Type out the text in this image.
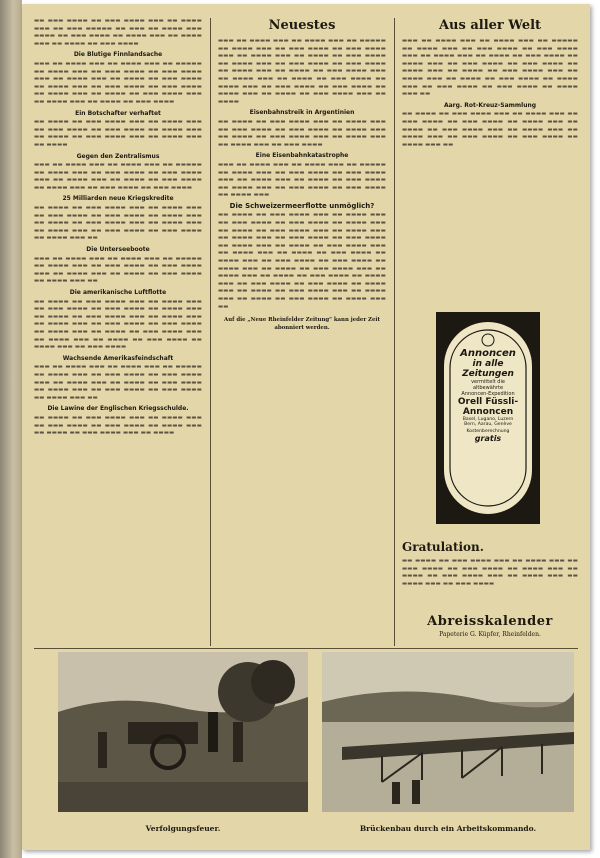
▬▬ ▬▬▬ ▬▬▬▬ ▬▬ ▬▬▬ ▬▬▬▬ ▬▬▬ ▬▬ ▬▬▬▬ ▬▬▬ ▬▬ ▬▬▬ ▬▬▬▬▬ ▬▬ ▬▬▬ ▬▬ ▬▬▬▬ ▬▬▬ ▬▬▬▬ ▬▬ ▬▬▬ ▬▬▬▬ ▬▬ ▬▬▬▬ ▬▬▬ ▬▬ ▬▬▬▬ ▬▬▬ ▬▬ ▬▬▬▬ ▬▬ ▬▬▬ ▬▬▬▬
Die Blutige Finnlandsache
▬▬▬ ▬▬ ▬▬▬▬ ▬▬▬ ▬▬ ▬▬▬▬ ▬▬▬ ▬▬ ▬▬▬▬▬ ▬▬ ▬▬▬▬ ▬▬▬ ▬▬ ▬▬▬ ▬▬▬▬ ▬▬ ▬▬▬ ▬▬▬▬ ▬▬▬ ▬▬ ▬▬▬▬ ▬▬▬ ▬▬ ▬▬▬▬ ▬▬ ▬▬▬ ▬▬▬▬ ▬▬ ▬▬▬▬ ▬▬▬ ▬▬ ▬▬▬ ▬▬▬▬ ▬▬ ▬▬▬ ▬▬▬▬ ▬▬ ▬▬▬▬ ▬▬▬ ▬▬ ▬▬▬▬ ▬▬ ▬▬▬ ▬▬▬▬ ▬▬▬ ▬▬ ▬▬▬▬ ▬▬▬ ▬▬ ▬▬▬▬ ▬▬ ▬▬▬ ▬▬▬▬
Ein Botschafter verhaftet
▬▬ ▬▬▬▬ ▬▬ ▬▬▬ ▬▬▬▬ ▬▬▬ ▬▬ ▬▬▬▬ ▬▬▬ ▬▬ ▬▬▬ ▬▬▬▬ ▬▬ ▬▬▬ ▬▬▬▬ ▬▬ ▬▬▬▬ ▬▬▬ ▬▬ ▬▬▬▬ ▬▬ ▬▬▬ ▬▬▬▬ ▬▬▬ ▬▬ ▬▬▬▬ ▬▬▬ ▬▬ ▬▬▬▬
Gegen den Zentralismus
▬▬▬ ▬▬ ▬▬▬▬ ▬▬▬ ▬▬ ▬▬▬▬ ▬▬▬ ▬▬ ▬▬▬▬▬ ▬▬ ▬▬▬▬ ▬▬▬ ▬▬ ▬▬▬ ▬▬▬▬ ▬▬ ▬▬▬ ▬▬▬▬ ▬▬▬ ▬▬ ▬▬▬▬ ▬▬▬ ▬▬ ▬▬▬▬ ▬▬ ▬▬▬ ▬▬▬▬ ▬▬ ▬▬▬▬ ▬▬▬ ▬▬ ▬▬▬ ▬▬▬▬ ▬▬ ▬▬▬ ▬▬▬▬
25 Milliarden neue Kriegskredite
▬▬ ▬▬▬▬ ▬▬ ▬▬▬ ▬▬▬▬ ▬▬▬ ▬▬ ▬▬▬▬ ▬▬▬ ▬▬ ▬▬▬ ▬▬▬▬ ▬▬ ▬▬▬ ▬▬▬▬ ▬▬ ▬▬▬▬ ▬▬▬ ▬▬ ▬▬▬▬ ▬▬ ▬▬▬ ▬▬▬▬ ▬▬▬ ▬▬ ▬▬▬▬ ▬▬▬ ▬▬ ▬▬▬▬ ▬▬▬ ▬▬ ▬▬▬ ▬▬▬▬ ▬▬ ▬▬▬ ▬▬▬▬ ▬▬ ▬▬▬▬ ▬▬▬ ▬▬
Die Unterseeboote
▬▬▬ ▬▬ ▬▬▬▬ ▬▬▬ ▬▬ ▬▬▬▬ ▬▬▬ ▬▬ ▬▬▬▬▬ ▬▬ ▬▬▬▬ ▬▬▬ ▬▬ ▬▬▬ ▬▬▬▬ ▬▬ ▬▬▬ ▬▬▬▬ ▬▬▬ ▬▬ ▬▬▬▬ ▬▬▬ ▬▬ ▬▬▬▬ ▬▬ ▬▬▬ ▬▬▬▬ ▬▬ ▬▬▬▬ ▬▬▬ ▬▬
Die amerikanische Luftflotte
▬▬ ▬▬▬▬ ▬▬ ▬▬▬ ▬▬▬▬ ▬▬▬ ▬▬ ▬▬▬▬ ▬▬▬ ▬▬ ▬▬▬ ▬▬▬▬ ▬▬ ▬▬▬ ▬▬▬▬ ▬▬ ▬▬▬▬ ▬▬▬ ▬▬ ▬▬▬▬ ▬▬ ▬▬▬ ▬▬▬▬ ▬▬▬ ▬▬ ▬▬▬▬ ▬▬▬ ▬▬ ▬▬▬▬ ▬▬▬ ▬▬ ▬▬▬ ▬▬▬▬ ▬▬ ▬▬▬ ▬▬▬▬ ▬▬ ▬▬▬▬ ▬▬▬ ▬▬ ▬▬▬▬ ▬▬ ▬▬▬ ▬▬▬▬ ▬▬▬ ▬▬ ▬▬▬▬ ▬▬▬ ▬▬ ▬▬▬▬ ▬▬ ▬▬▬ ▬▬▬▬ ▬▬ ▬▬▬▬ ▬▬▬ ▬▬ ▬▬▬ ▬▬▬▬
Wachsende Amerikasfeindschaft
▬▬▬ ▬▬ ▬▬▬▬ ▬▬▬ ▬▬ ▬▬▬▬ ▬▬▬ ▬▬ ▬▬▬▬▬ ▬▬ ▬▬▬▬ ▬▬▬ ▬▬ ▬▬▬ ▬▬▬▬ ▬▬ ▬▬▬ ▬▬▬▬ ▬▬▬ ▬▬ ▬▬▬▬ ▬▬▬ ▬▬ ▬▬▬▬ ▬▬ ▬▬▬ ▬▬▬▬ ▬▬ ▬▬▬▬ ▬▬▬ ▬▬ ▬▬▬ ▬▬▬▬ ▬▬ ▬▬▬ ▬▬▬▬ ▬▬ ▬▬▬▬ ▬▬▬ ▬▬
Die Lawine der Englischen Kriegsschulde.
▬▬ ▬▬▬▬ ▬▬ ▬▬▬ ▬▬▬▬ ▬▬▬ ▬▬ ▬▬▬▬ ▬▬▬ ▬▬ ▬▬▬ ▬▬▬▬ ▬▬ ▬▬▬ ▬▬▬▬ ▬▬ ▬▬▬▬ ▬▬▬ ▬▬ ▬▬▬▬ ▬▬ ▬▬▬ ▬▬▬▬ ▬▬▬ ▬▬ ▬▬▬▬
Neuestes
▬▬▬ ▬▬ ▬▬▬▬ ▬▬▬ ▬▬ ▬▬▬▬ ▬▬▬ ▬▬ ▬▬▬▬▬ ▬▬ ▬▬▬▬ ▬▬▬ ▬▬ ▬▬▬ ▬▬▬▬ ▬▬ ▬▬▬ ▬▬▬▬ ▬▬▬ ▬▬ ▬▬▬▬ ▬▬▬ ▬▬ ▬▬▬▬ ▬▬ ▬▬▬ ▬▬▬▬ ▬▬ ▬▬▬▬ ▬▬▬ ▬▬ ▬▬▬ ▬▬▬▬ ▬▬ ▬▬▬ ▬▬▬▬ ▬▬ ▬▬▬▬ ▬▬▬ ▬▬ ▬▬▬▬ ▬▬ ▬▬▬ ▬▬▬▬ ▬▬▬ ▬▬ ▬▬▬▬ ▬▬▬ ▬▬ ▬▬▬▬ ▬▬ ▬▬▬ ▬▬▬▬ ▬▬ ▬▬▬▬ ▬▬▬ ▬▬ ▬▬▬ ▬▬▬▬ ▬▬ ▬▬▬ ▬▬▬▬ ▬▬ ▬▬▬▬ ▬▬▬ ▬▬ ▬▬▬▬ ▬▬ ▬▬▬ ▬▬▬▬ ▬▬▬ ▬▬ ▬▬▬▬
Eisenbahnstreik in Argentinien
▬▬ ▬▬▬▬ ▬▬ ▬▬▬ ▬▬▬▬ ▬▬▬ ▬▬ ▬▬▬▬ ▬▬▬ ▬▬ ▬▬▬ ▬▬▬▬ ▬▬ ▬▬▬ ▬▬▬▬ ▬▬ ▬▬▬▬ ▬▬▬ ▬▬ ▬▬▬▬ ▬▬ ▬▬▬ ▬▬▬▬ ▬▬▬ ▬▬ ▬▬▬▬ ▬▬▬ ▬▬ ▬▬▬▬ ▬▬▬ ▬▬ ▬▬▬ ▬▬▬▬
Eine Eisenbahnkatastrophe
▬▬▬ ▬▬ ▬▬▬▬ ▬▬▬ ▬▬ ▬▬▬▬ ▬▬▬ ▬▬ ▬▬▬▬▬ ▬▬ ▬▬▬▬ ▬▬▬ ▬▬ ▬▬▬ ▬▬▬▬ ▬▬ ▬▬▬ ▬▬▬▬ ▬▬▬ ▬▬ ▬▬▬▬ ▬▬▬ ▬▬ ▬▬▬▬ ▬▬ ▬▬▬ ▬▬▬▬ ▬▬ ▬▬▬▬ ▬▬▬ ▬▬ ▬▬▬ ▬▬▬▬ ▬▬ ▬▬▬ ▬▬▬▬ ▬▬ ▬▬▬▬ ▬▬▬
Die Schweizermeerflotte unmöglich?
▬▬ ▬▬▬▬ ▬▬ ▬▬▬ ▬▬▬▬ ▬▬▬ ▬▬ ▬▬▬▬ ▬▬▬ ▬▬ ▬▬▬ ▬▬▬▬ ▬▬ ▬▬▬ ▬▬▬▬ ▬▬ ▬▬▬▬ ▬▬▬ ▬▬ ▬▬▬▬ ▬▬ ▬▬▬ ▬▬▬▬ ▬▬▬ ▬▬ ▬▬▬▬ ▬▬▬ ▬▬ ▬▬▬▬ ▬▬▬ ▬▬ ▬▬▬ ▬▬▬▬ ▬▬ ▬▬▬ ▬▬▬▬ ▬▬ ▬▬▬▬ ▬▬▬ ▬▬ ▬▬▬▬ ▬▬ ▬▬▬ ▬▬▬▬ ▬▬▬ ▬▬ ▬▬▬▬ ▬▬▬ ▬▬ ▬▬▬▬ ▬▬ ▬▬▬ ▬▬▬▬ ▬▬ ▬▬▬▬ ▬▬▬ ▬▬ ▬▬▬ ▬▬▬▬ ▬▬ ▬▬▬ ▬▬▬▬ ▬▬ ▬▬▬▬ ▬▬▬ ▬▬ ▬▬▬▬ ▬▬ ▬▬▬ ▬▬▬▬ ▬▬▬ ▬▬ ▬▬▬▬ ▬▬▬ ▬▬ ▬▬▬▬ ▬▬ ▬▬▬ ▬▬▬▬ ▬▬ ▬▬▬▬ ▬▬▬ ▬▬ ▬▬▬ ▬▬▬▬ ▬▬ ▬▬▬ ▬▬▬▬ ▬▬ ▬▬▬▬ ▬▬▬ ▬▬ ▬▬▬▬ ▬▬ ▬▬▬ ▬▬▬▬ ▬▬▬ ▬▬ ▬▬▬▬ ▬▬▬ ▬▬ ▬▬▬▬ ▬▬ ▬▬▬ ▬▬▬▬ ▬▬ ▬▬▬▬ ▬▬▬ ▬▬
Auf die „Neue Rheinfelder Zeitung" kann jeder Zeit abonniert werden.
Aus aller Welt
▬▬▬ ▬▬ ▬▬▬▬ ▬▬▬ ▬▬ ▬▬▬▬ ▬▬▬ ▬▬ ▬▬▬▬▬ ▬▬ ▬▬▬▬ ▬▬▬ ▬▬ ▬▬▬ ▬▬▬▬ ▬▬ ▬▬▬ ▬▬▬▬ ▬▬▬ ▬▬ ▬▬▬▬ ▬▬▬ ▬▬ ▬▬▬▬ ▬▬ ▬▬▬ ▬▬▬▬ ▬▬ ▬▬▬▬ ▬▬▬ ▬▬ ▬▬▬ ▬▬▬▬ ▬▬ ▬▬▬ ▬▬▬▬ ▬▬ ▬▬▬▬ ▬▬▬ ▬▬ ▬▬▬▬ ▬▬ ▬▬▬ ▬▬▬▬ ▬▬▬ ▬▬ ▬▬▬▬ ▬▬▬ ▬▬ ▬▬▬▬ ▬▬ ▬▬▬ ▬▬▬▬ ▬▬ ▬▬▬▬ ▬▬▬ ▬▬ ▬▬▬ ▬▬▬▬ ▬▬ ▬▬▬ ▬▬▬▬ ▬▬ ▬▬▬▬ ▬▬▬ ▬▬
Aarg. Rot-Kreuz-Sammlung
▬▬ ▬▬▬▬ ▬▬ ▬▬▬ ▬▬▬▬ ▬▬▬ ▬▬ ▬▬▬▬ ▬▬▬ ▬▬ ▬▬▬ ▬▬▬▬ ▬▬ ▬▬▬ ▬▬▬▬ ▬▬ ▬▬▬▬ ▬▬▬ ▬▬ ▬▬▬▬ ▬▬ ▬▬▬ ▬▬▬▬ ▬▬▬ ▬▬ ▬▬▬▬ ▬▬▬ ▬▬ ▬▬▬▬ ▬▬▬ ▬▬ ▬▬▬ ▬▬▬▬ ▬▬ ▬▬▬ ▬▬▬▬ ▬▬ ▬▬▬▬ ▬▬▬ ▬▬
Annoncen
in alle
Zeitungen
vermittelt die
altbewährte
Annoncen-Expedition
Orell Füssli-
Annoncen
Basel, Lugano, Luzern
Bern, Aarau, Genève
Kostenberechnung
gratis
Gratulation.
▬▬ ▬▬▬▬ ▬▬ ▬▬▬ ▬▬▬▬ ▬▬▬ ▬▬ ▬▬▬▬ ▬▬▬ ▬▬ ▬▬▬ ▬▬▬▬ ▬▬ ▬▬▬ ▬▬▬▬ ▬▬ ▬▬▬▬ ▬▬▬ ▬▬ ▬▬▬▬ ▬▬ ▬▬▬ ▬▬▬▬ ▬▬▬ ▬▬ ▬▬▬▬ ▬▬▬ ▬▬ ▬▬▬▬ ▬▬▬ ▬▬ ▬▬▬ ▬▬▬▬
Abreisskalender
Papeterie G. Küpfer, Rheinfelden.
Verfolgungsfeuer.	Brückenbau durch ein Arbeitskommando.
